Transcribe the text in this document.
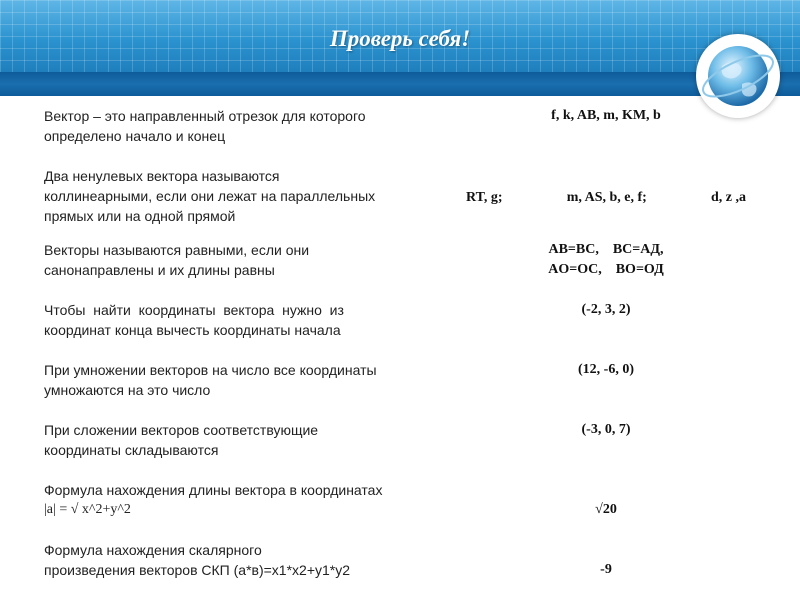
Проверь себя!
Вектор – это направленный отрезок для которого
определено начало и конец
f, k, AB, m, KM, b
Два ненулевых вектора называются
коллинеарными, если они лежат на параллельных
прямых или на одной прямой
RT, g;	m, AS, b, e, f;	d, z ,a
Векторы называются равными, если они
санонаправлены и их длины равны
AB=BC,    BC=АД,
AO=OC,    BO=ОД
Чтобы  найти  координаты  вектора  нужно  из
координат конца вычесть координаты начала
(-2, 3, 2)
При умножении векторов на число все координаты
умножаются на это число
(12, -6, 0)
При сложении векторов соответствующие
координаты складываются
(-3, 0, 7)
Формула нахождения длины вектора в координатах
|a| = √ x^2+y^2	√20
Формула нахождения скалярного
произведения векторов СКП (а*в)=x1*x2+y1*y2	-9
